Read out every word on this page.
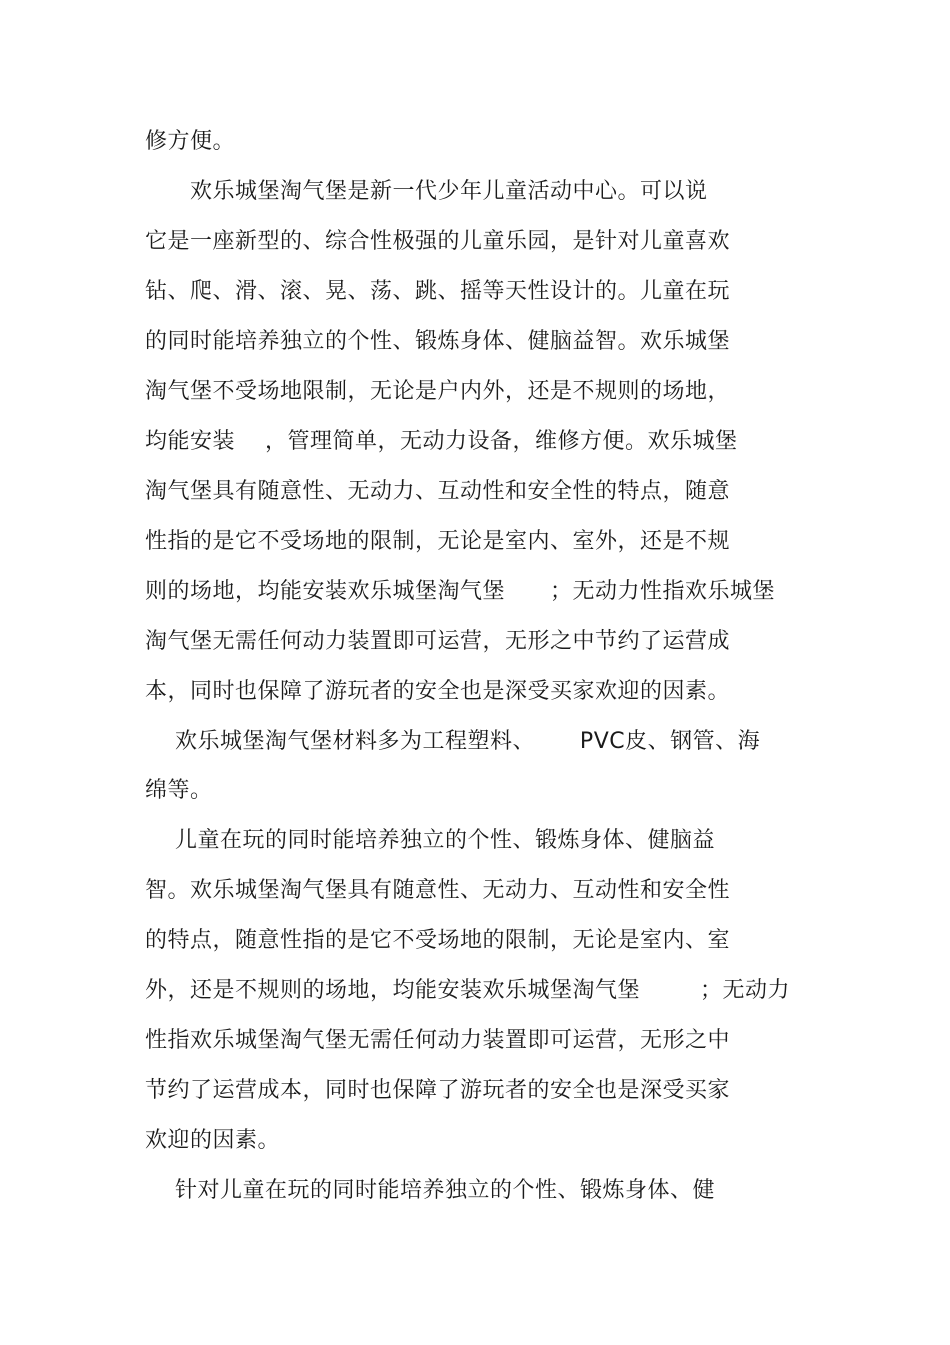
修方便。
欢乐城堡淘气堡是新一代少年儿童活动中心。可以说
它是一座新型的、综合性极强的儿童乐园，是针对儿童喜欢
钻、爬、滑、滚、晃、荡、跳、摇等天性设计的。儿童在玩
的同时能培养独立的个性、锻炼身体、健脑益智。欢乐城堡
淘气堡不受场地限制，无论是户内外，还是不规则的场地，
均能安装    ，管理简单，无动力设备，维修方便。欢乐城堡
淘气堡具有随意性、无动力、互动性和安全性的特点，随意
性指的是它不受场地的限制，无论是室内、室外，还是不规
则的场地，均能安装欢乐城堡淘气堡      ；无动力性指欢乐城堡
淘气堡无需任何动力装置即可运营，无形之中节约了运营成
本，同时也保障了游玩者的安全也是深受买家欢迎的因素。
欢乐城堡淘气堡材料多为工程塑料、      PVC皮、钢管、海
绵等。
儿童在玩的同时能培养独立的个性、锻炼身体、健脑益
智。欢乐城堡淘气堡具有随意性、无动力、互动性和安全性
的特点，随意性指的是它不受场地的限制，无论是室内、室
外，还是不规则的场地，均能安装欢乐城堡淘气堡        ；无动力
性指欢乐城堡淘气堡无需任何动力装置即可运营，无形之中
节约了运营成本，同时也保障了游玩者的安全也是深受买家
欢迎的因素。
针对儿童在玩的同时能培养独立的个性、锻炼身体、健
